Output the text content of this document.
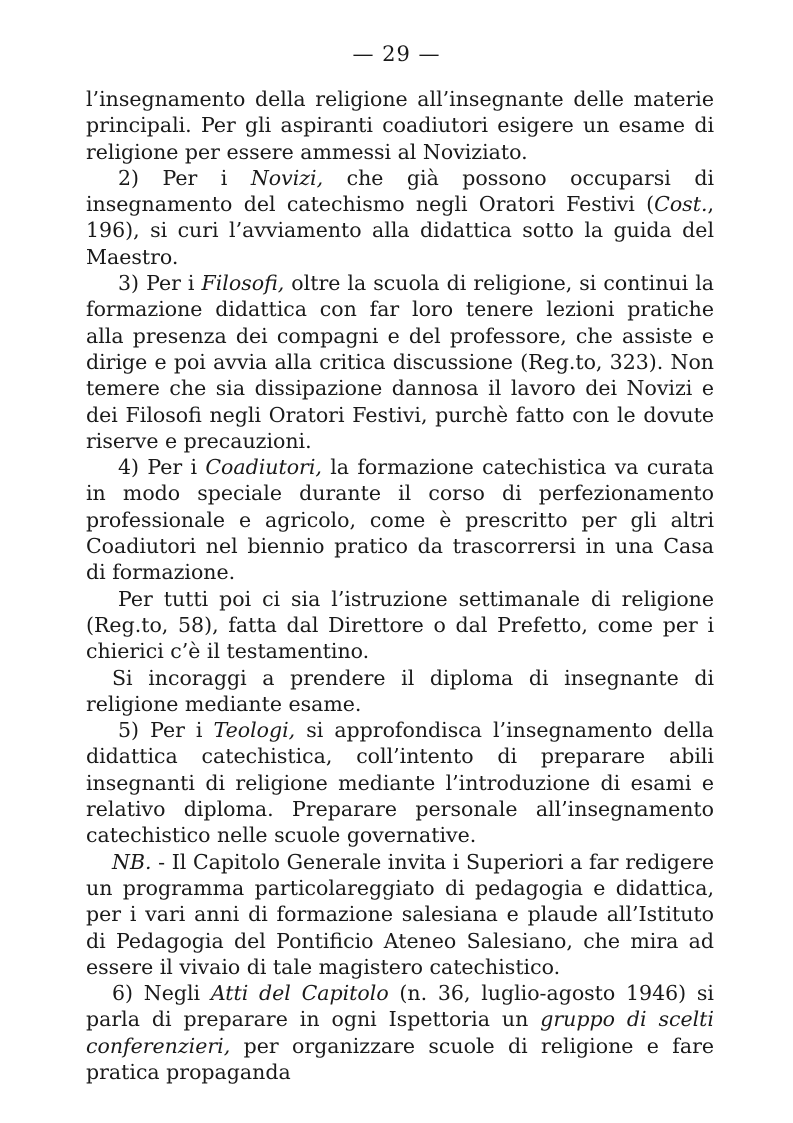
— 29 —

l’insegnamento della religione all’insegnante delle materie principali. Per gli aspiranti coadiutori esigere un esame di religione per essere ammessi al Noviziato.

2) Per i Novizi, che già possono occuparsi di insegnamento del catechismo negli Oratori Festivi (Cost., 196), si curi l’avviamento alla didattica sotto la guida del Maestro.

3) Per i Filosofi, oltre la scuola di religione, si continui la formazione didattica con far loro tenere lezioni pratiche alla presenza dei compagni e del professore, che assiste e dirige e poi avvia alla critica discussione (Reg.to, 323). Non temere che sia dissipazione dannosa il lavoro dei Novizi e dei Filosofi negli Oratori Festivi, purchè fatto con le dovute riserve e precauzioni.

4) Per i Coadiutori, la formazione catechistica va curata in modo speciale durante il corso di perfezionamento professionale e agricolo, come è prescritto per gli altri Coadiutori nel biennio pratico da trascorrersi in una Casa di formazione.

Per tutti poi ci sia l’istruzione settimanale di religione (Reg.to, 58), fatta dal Direttore o dal Prefetto, come per i chierici c’è il testamentino.

Si incoraggi a prendere il diploma di insegnante di religione mediante esame.

5) Per i Teologi, si approfondisca l’insegnamento della didattica catechistica, coll’intento di preparare abili insegnanti di religione mediante l’introduzione di esami e relativo diploma. Preparare personale all’insegnamento catechistico nelle scuole governative.

NB. - Il Capitolo Generale invita i Superiori a far redigere un programma particolareggiato di pedagogia e didattica, per i vari anni di formazione salesiana e plaude all’Istituto di Pedagogia del Pontificio Ateneo Salesiano, che mira ad essere il vivaio di tale magistero catechistico.

6) Negli Atti del Capitolo (n. 36, luglio-agosto 1946) si parla di preparare in ogni Ispettoria un gruppo di scelti conferenzieri, per organizzare scuole di religione e fare pratica propaganda
